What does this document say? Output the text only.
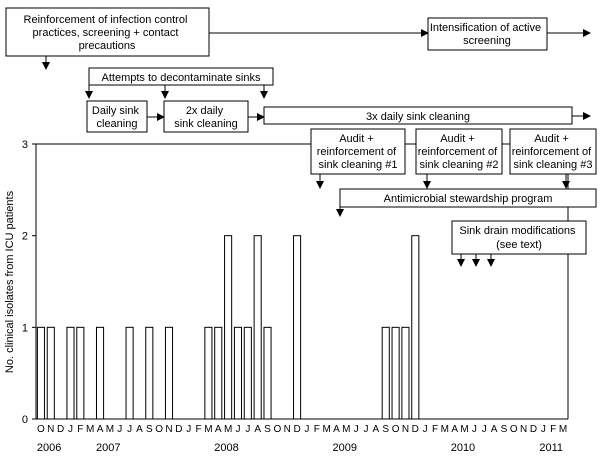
0
1
2
3
O N D J F M A M J J A S O N D J F M A M J J A S O N D J F M A M J J A S O N D J F M A M J J A S O N D J F M
2006	2007	2008	2009	2010	2011
No. clinical isolates from ICU patients
Reinforcement of infection control practices, screening + contact precautions
Intensification of active screening
Attempts to decontaminate sinks
Daily sink cleaning
2x daily sink cleaning
3x daily sink cleaning
Audit + reinforcement of sink cleaning #1
Audit + reinforcement of sink cleaning #2
Audit + reinforcement of sink cleaning #3
Antimicrobial stewardship program
Sink drain modifications (see text)
